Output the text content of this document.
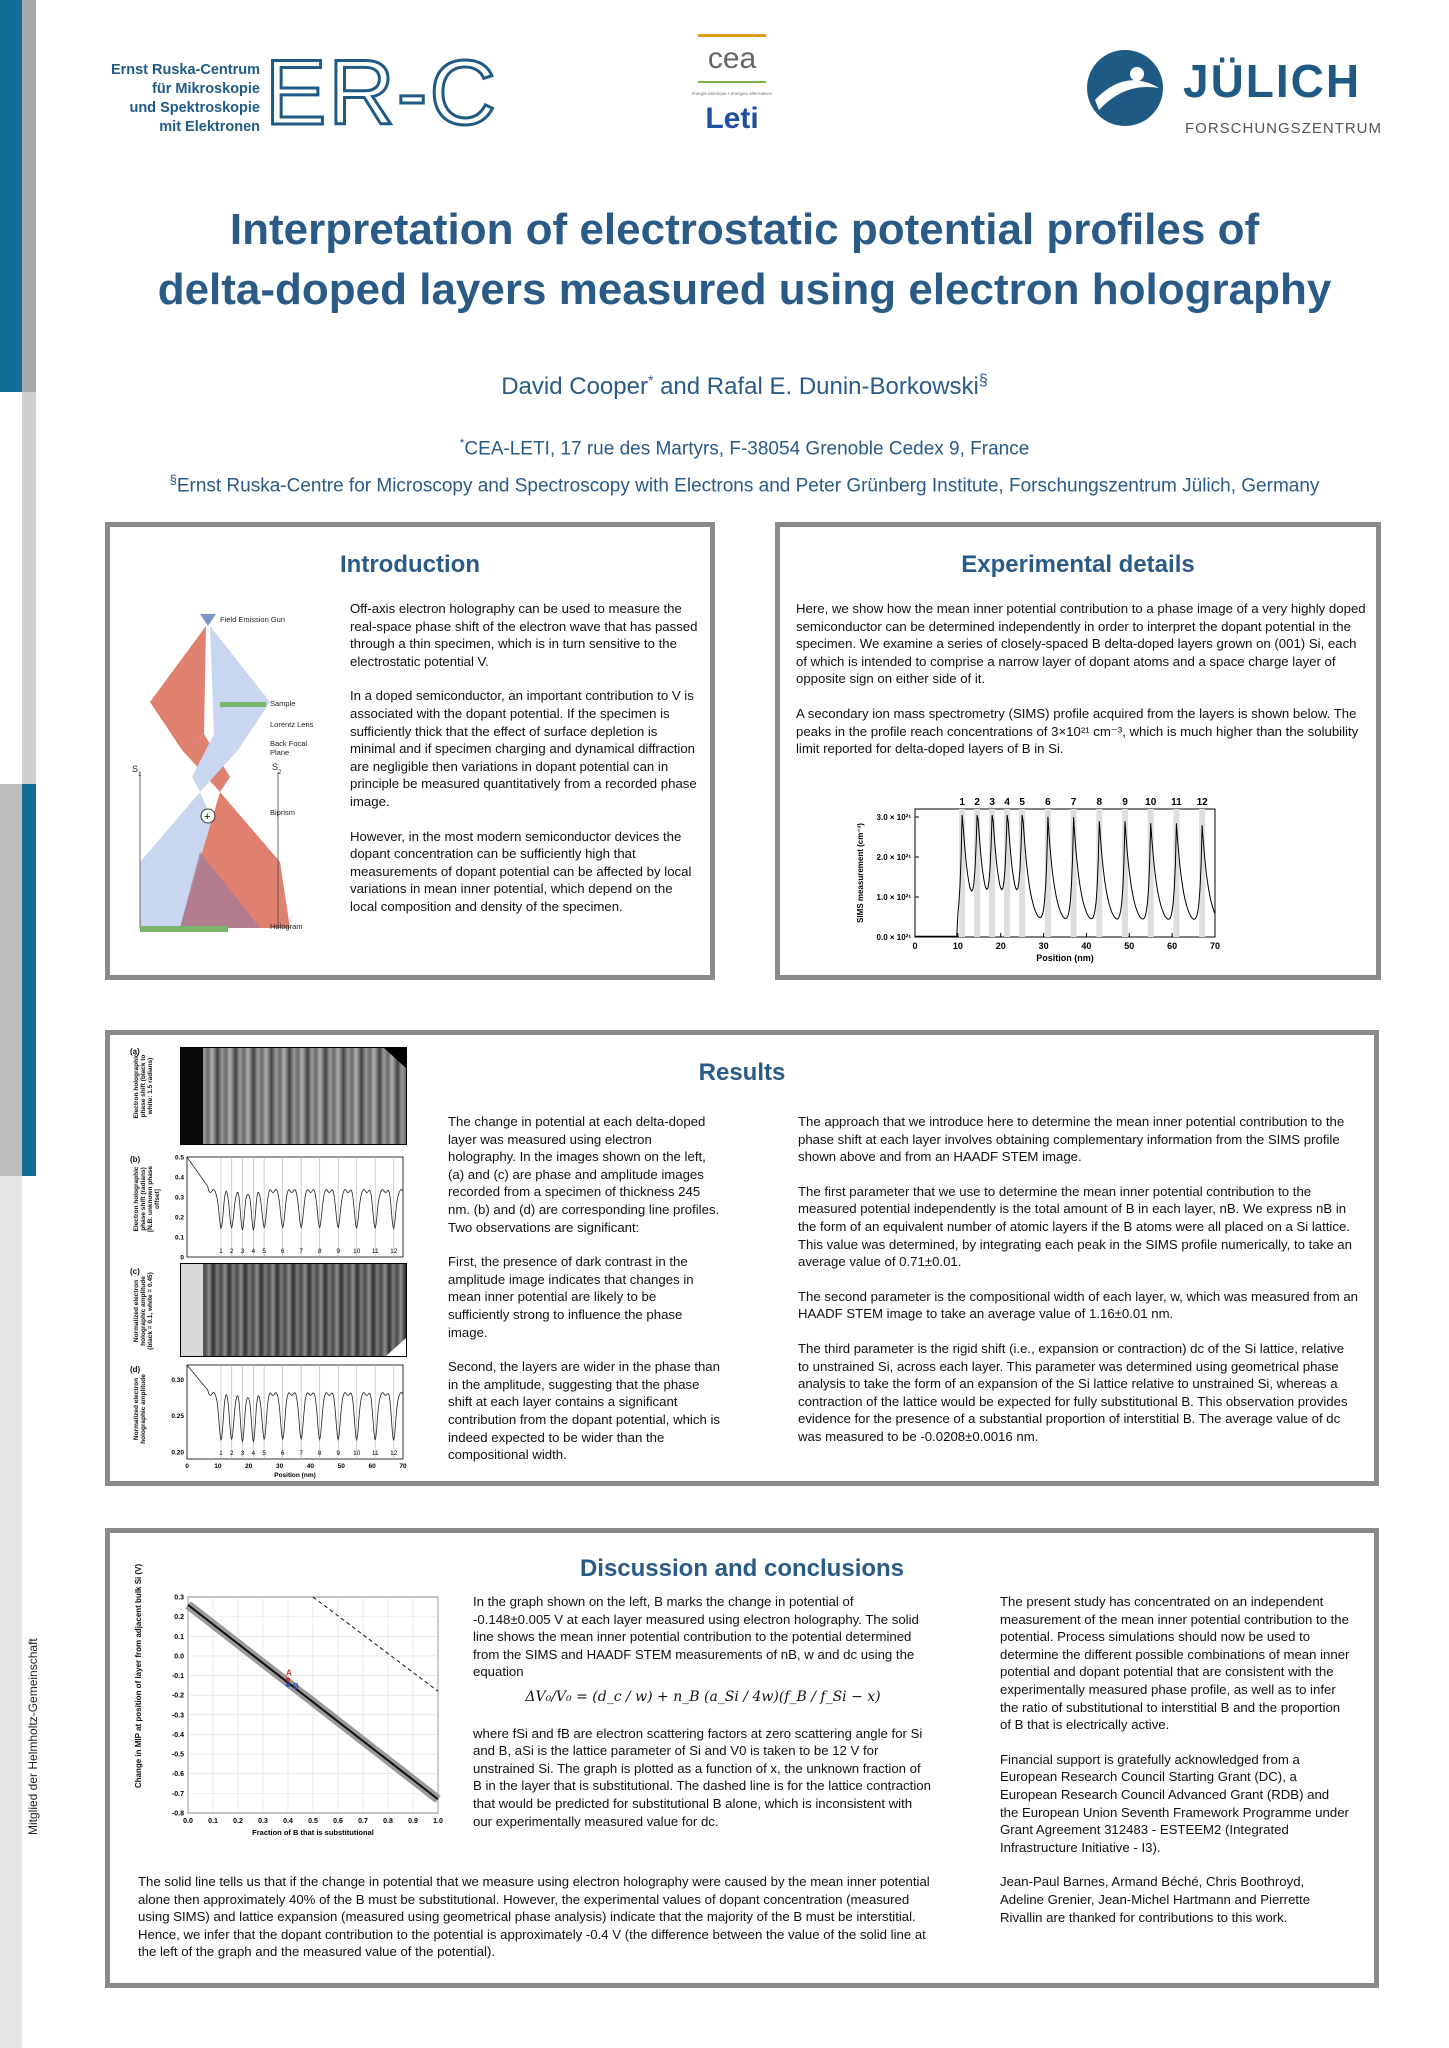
Mitglied der Helmholtz-Gemeinschaft
Ernst Ruska-Centrum
für Mikroskopie
und Spektroskopie
mit Elektronen ER-C	cea
énergie atomique • énergies alternatives
Leti
JÜLICH
FORSCHUNGSZENTRUM
Interpretation of electrostatic potential profiles of
delta-doped layers measured using electron holography
David Cooper* and Rafal E. Dunin-Borkowski§
*CEA-LETI, 17 rue des Martyrs, F-38054 Grenoble Cedex 9, France
§Ernst Ruska-Centre for Microscopy and Spectroscopy with Electrons and Peter Grünberg Institute, Forschungszentrum Jülich, Germany
Introduction
+
Field Emission Gun
Sample
Lorentz Lens
Back Focal
Plane
Biprism
Hologram
S
1
S
2

Off-axis electron holography can be used to measure the real-space phase shift of the electron wave that has passed through a thin specimen, which is in turn sensitive to the electrostatic potential V.

In a doped semiconductor, an important contribution to V is associated with the dopant potential. If the specimen is sufficiently thick that the effect of surface depletion is minimal and if specimen charging and dynamical diffraction are negligible then variations in dopant potential can in principle be measured quantitatively from a recorded phase image.

However, in the most modern semiconductor devices the dopant concentration can be sufficiently high that measurements of dopant potential can be affected by local variations in mean inner potential, which depend on the local composition and density of the specimen.

Experimental details

Here, we show how the mean inner potential contribution to a phase image of a very highly doped semiconductor can be determined independently in order to interpret the dopant potential in the specimen. We examine a series of closely-spaced B delta-doped layers grown on (001) Si, each of which is intended to comprise a narrow layer of dopant atoms and a space charge layer of opposite sign on either side of it.

A secondary ion mass spectrometry (SIMS) profile acquired from the layers is shown below. The peaks in the profile reach concentrations of 3×10²¹ cm⁻³, which is much higher than the solubility limit reported for delta-doped layers of B in Si.

1 2 3 4 5 6 7 8 9 10 11 12
0	10	20	30	40	50	60	70
0.0 × 10²¹
1.0 × 10²¹
2.0 × 10²¹
3.0 × 10²¹
Position (nm)
SIMS measurement (cm⁻³)
Results
(a)
Electron holographic phase shift (black to white: 1.5 radians)
(b)
Electron holographic phase shift (radians) [N.B. unknown phase offset]
1 2 3 4 5 6 7 8 9 10 11 12
0
0.1
0.2
0.3
0.4
0.5
(c)
Normalized electron holographic amplitude (black = 0.1, white = 0.45)
(d)
Normalized electron holographic amplitude
1 2 3 4 5 6 7 8 9 10 11 12
0.20
0.25
0.30
0	10	20	30	40	50	60	70
Position (nm)

The change in potential at each delta-doped layer was measured using electron holography. In the images shown on the left, (a) and (c) are phase and amplitude images recorded from a specimen of thickness 245 nm. (b) and (d) are corresponding line profiles. Two observations are significant:

First, the presence of dark contrast in the amplitude image indicates that changes in mean inner potential are likely to be sufficiently strong to influence the phase image.

Second, the layers are wider in the phase than in the amplitude, suggesting that the phase shift at each layer contains a significant contribution from the dopant potential, which is indeed expected to be wider than the compositional width.

The approach that we introduce here to determine the mean inner potential contribution to the phase shift at each layer involves obtaining complementary information from the SIMS profile shown above and from an HAADF STEM image.

The first parameter that we use to determine the mean inner potential contribution to the measured potential independently is the total amount of B in each layer, nB. We express nB in the form of an equivalent number of atomic layers if the B atoms were all placed on a Si lattice. This value was determined, by integrating each peak in the SIMS profile numerically, to take an average value of 0.71±0.01.

The second parameter is the compositional width of each layer, w, which was measured from an HAADF STEM image to take an average value of 1.16±0.01 nm.

The third parameter is the rigid shift (i.e., expansion or contraction) dc of the Si lattice, relative to unstrained Si, across each layer. This parameter was determined using geometrical phase analysis to take the form of an expansion of the Si lattice relative to unstrained Si, whereas a contraction of the lattice would be expected for fully substitutional B. This observation provides evidence for the presence of a substantial proportion of interstitial B. The average value of dc was measured to be -0.0208±0.0016 nm.

Discussion and conclusions
Change in MIP at position of layer from adjacent bulk Si (V)
0.0 0.1 0.2 0.3 0.4 0.5 0.6 0.7 0.8 0.9 1.0
0.3
0.2
0.1
0.0
-0.1
-0.2
-0.3
-0.4
-0.5
-0.6
-0.7
-0.8
A
B
Fraction of B that is substitutional

In the graph shown on the left, B marks the change in potential of -0.148±0.005 V at each layer measured using electron holography. The solid line shows the mean inner potential contribution to the potential determined from the SIMS and HAADF STEM measurements of nB, w and dc using the equation

ΔV₀/V₀ = (d_c / w) + n_B (a_Si / 4w)(f_B / f_Si − x)

where fSi and fB are electron scattering factors at zero scattering angle for Si and B, aSi is the lattice parameter of Si and V0 is taken to be 12 V for unstrained Si. The graph is plotted as a function of x, the unknown fraction of B in the layer that is substitutional. The dashed line is for the lattice contraction that would be predicted for substitutional B alone, which is inconsistent with our experimentally measured value for dc.

The solid line tells us that if the change in potential that we measure using electron holography were caused by the mean inner potential alone then approximately 40% of the B must be substitutional. However, the experimental values of dopant concentration (measured using SIMS) and lattice expansion (measured using geometrical phase analysis) indicate that the majority of the B must be interstitial. Hence, we infer that the dopant contribution to the potential is approximately -0.4 V (the difference between the value of the solid line at the left of the graph and the measured value of the potential).

The present study has concentrated on an independent measurement of the mean inner potential contribution to the potential. Process simulations should now be used to determine the different possible combinations of mean inner potential and dopant potential that are consistent with the experimentally measured phase profile, as well as to infer the ratio of substitutional to interstitial B and the proportion of B that is electrically active.

Financial support is gratefully acknowledged from a European Research Council Starting Grant (DC), a European Research Council Advanced Grant (RDB) and the European Union Seventh Framework Programme under Grant Agreement 312483 - ESTEEM2 (Integrated Infrastructure Initiative - I3).

Jean-Paul Barnes, Armand Béché, Chris Boothroyd, Adeline Grenier, Jean-Michel Hartmann and Pierrette Rivallin are thanked for contributions to this work.
